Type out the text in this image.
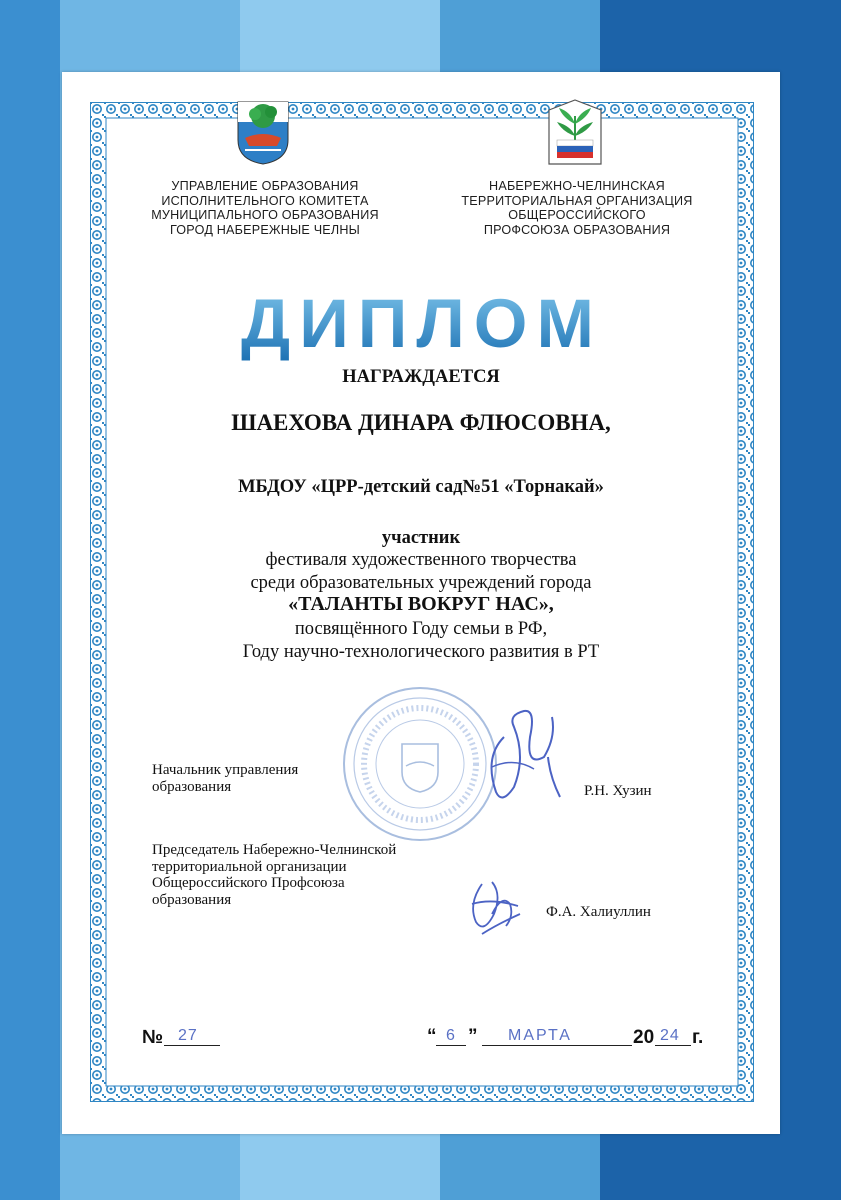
УПРАВЛЕНИЕ ОБРАЗОВАНИЯ
ИСПОЛНИТЕЛЬНОГО КОМИТЕТА
МУНИЦИПАЛЬНОГО ОБРАЗОВАНИЯ
ГОРОД НАБЕРЕЖНЫЕ ЧЕЛНЫ
НАБЕРЕЖНО-ЧЕЛНИНСКАЯ
ТЕРРИТОРИАЛЬНАЯ ОРГАНИЗАЦИЯ
ОБЩЕРОССИЙСКОГО
ПРОФСОЮЗА ОБРАЗОВАНИЯ
ДИПЛОМ
НАГРАЖДАЕТСЯ
ШАЕХОВА ДИНАРА ФЛЮСОВНА,
МБДОУ «ЦРР-детский сад№51 «Торнакай»
участник
фестиваля художественного творчества
среди образовательных учреждений города
«ТАЛАНТЫ ВОКРУГ НАС»,
посвящённого Году семьи в РФ,
Году научно-технологического развития в РТ
Начальник управления
образования	Р.Н. Хузин
Председатель Набережно-Челнинской
территориальной организации
Общероссийского Профсоюза
образования
Ф.А. Халиуллин
№ 27	“ 6 ” МАРТА	20 24 г.
